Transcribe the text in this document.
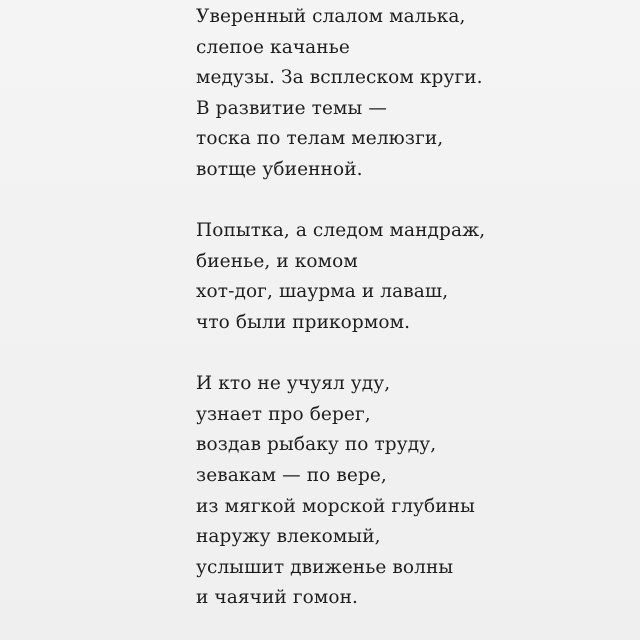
Уверенный слалом малька,
слепое качанье
медузы. За всплеском круги.
В развитие темы —
тоска по телам мелюзги,
вотще убиенной.

Попытка, а следом мандраж,
биенье, и комом
хот-дог, шаурма и лаваш,
что были прикормом.

И кто не учуял уду,
узнает про берег,
воздав рыбаку по труду,
зевакам — по вере,
из мягкой морской глубины
наружу влекомый,
услышит движенье волны
и чаячий гомон.
